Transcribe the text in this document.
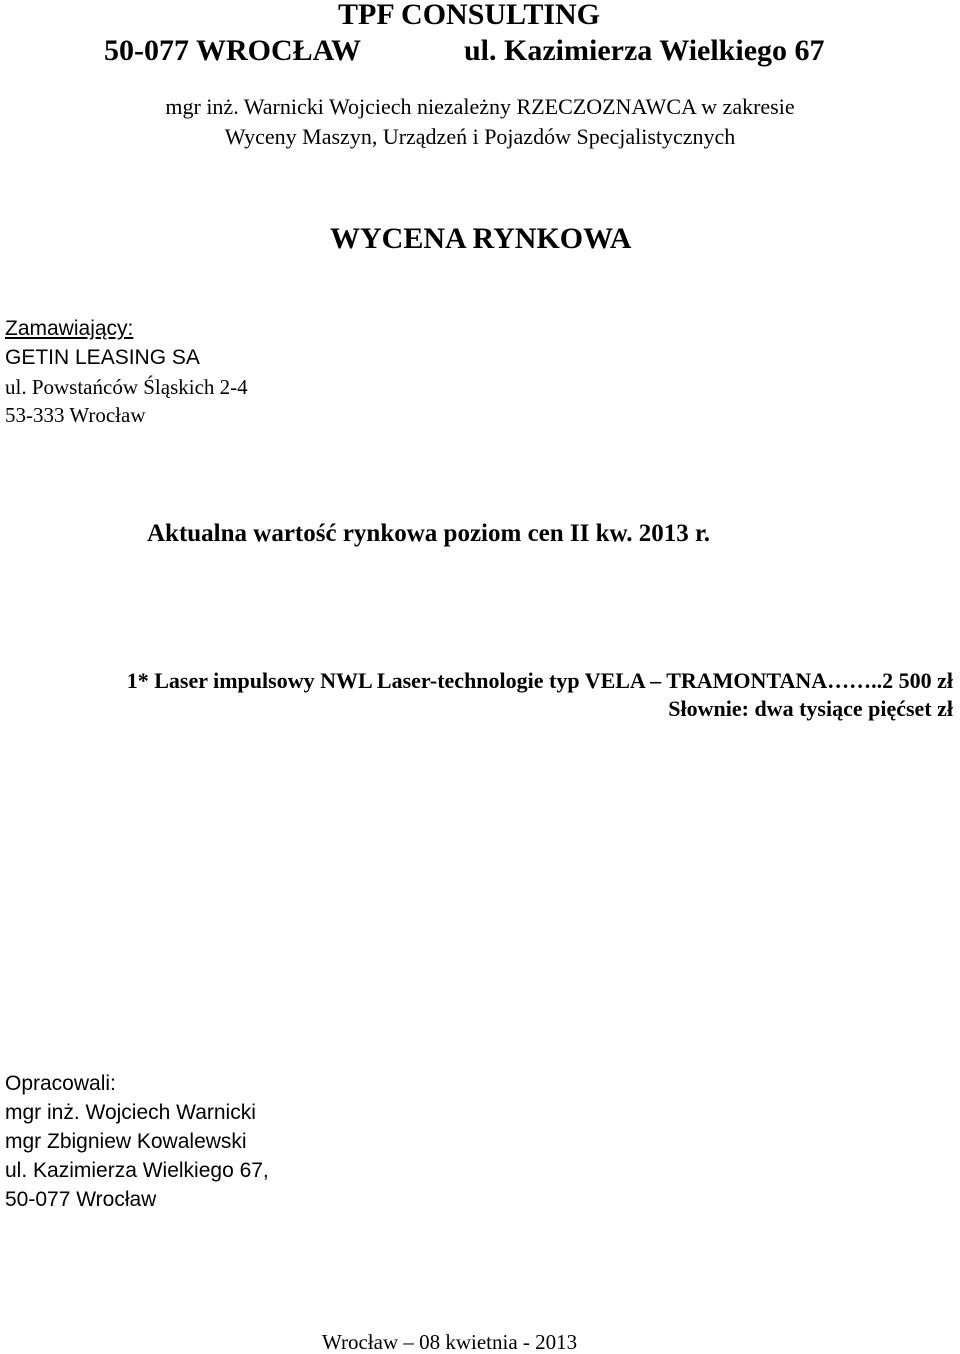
TPF CONSULTING
50-077 WROCŁAW	ul. Kazimierza Wielkiego 67
mgr inż. Warnicki Wojciech niezależny RZECZOZNAWCA w zakresie
Wyceny Maszyn, Urządzeń i Pojazdów Specjalistycznych
WYCENA RYNKOWA
Zamawiający:
GETIN LEASING SA
ul. Powstańców Śląskich 2-4
53-333 Wrocław
Aktualna wartość rynkowa poziom cen II kw. 2013 r.
1* Laser impulsowy NWL Laser-technologie typ VELA – TRAMONTANA……..2 500 zł
Słownie: dwa tysiące pięćset zł
Opracowali:
mgr inż. Wojciech Warnicki
mgr Zbigniew Kowalewski
ul. Kazimierza Wielkiego 67,
50-077 Wrocław
Wrocław – 08 kwietnia - 2013
